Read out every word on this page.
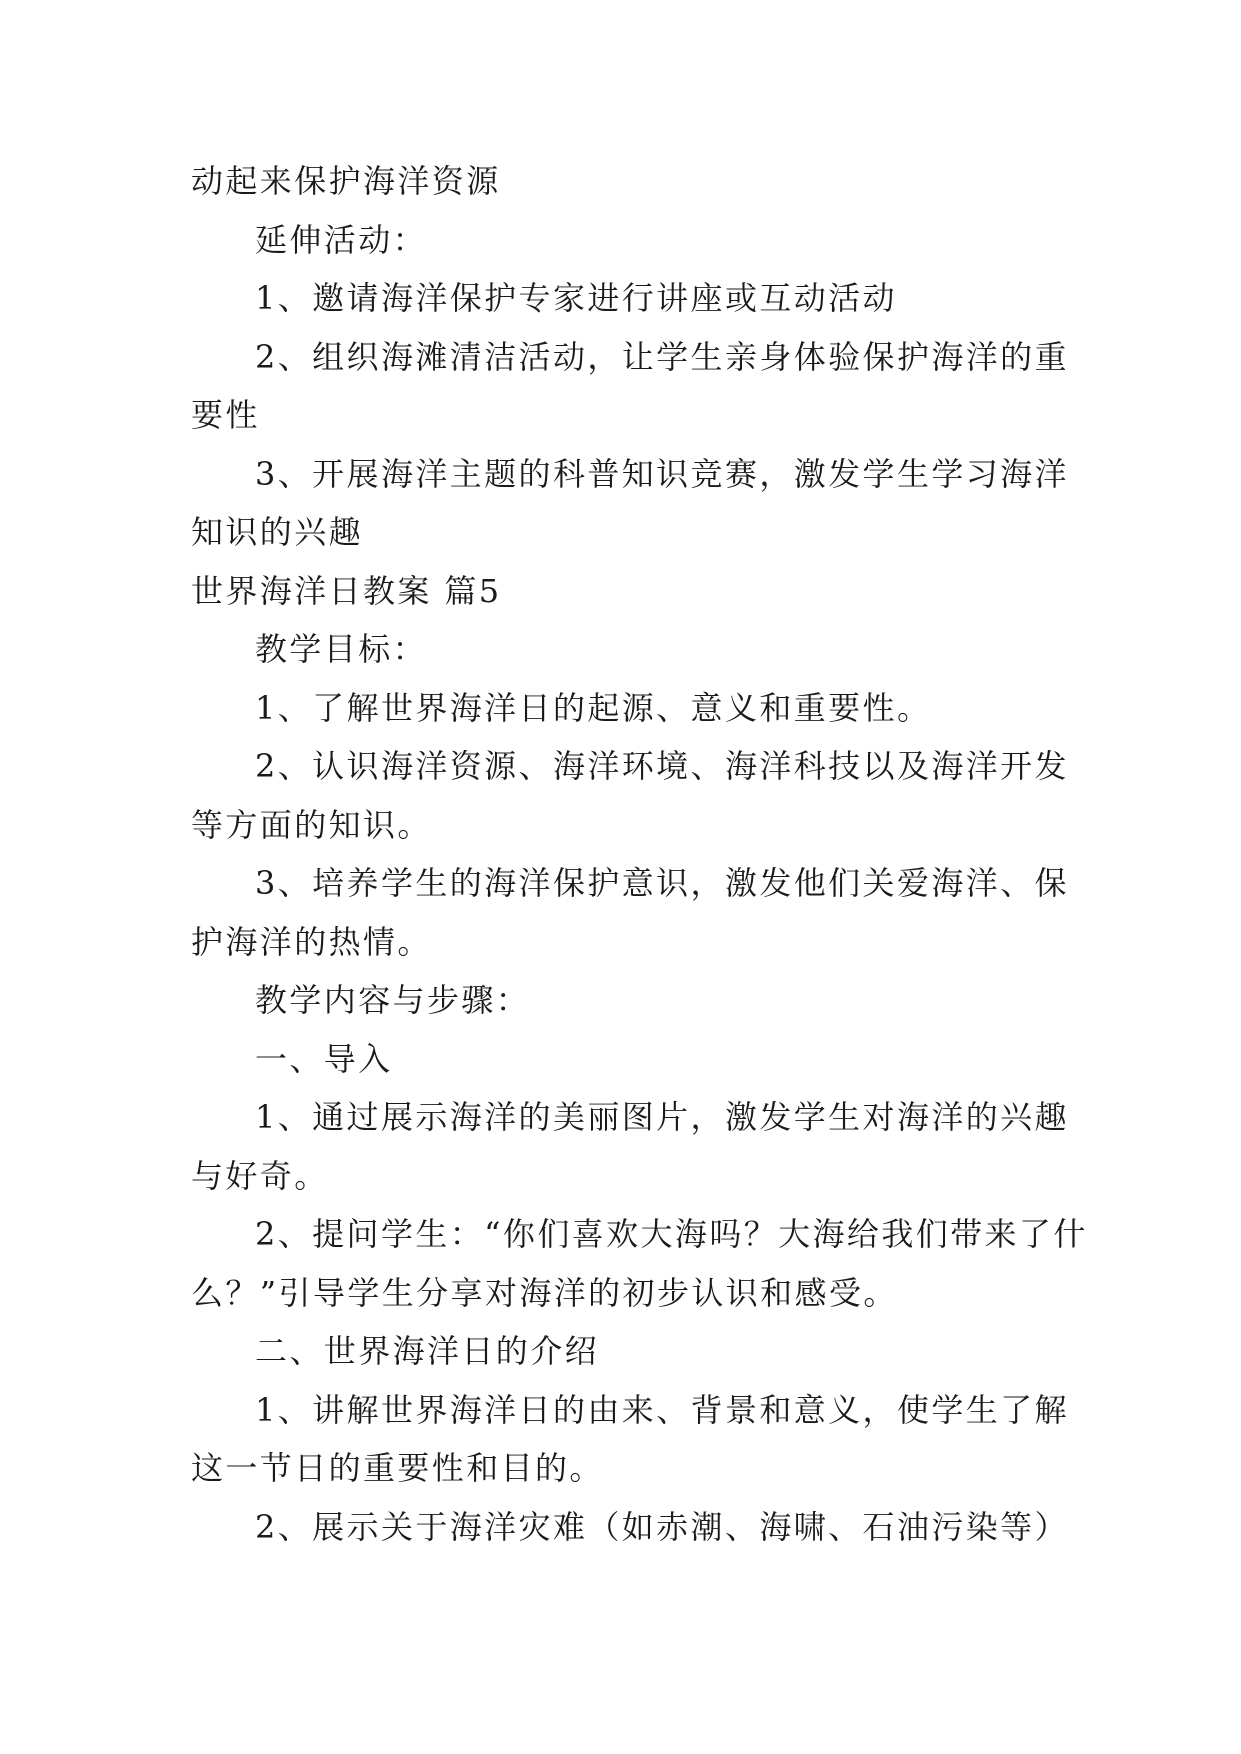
动起来保护海洋资源
延伸活动：
1、邀请海洋保护专家进行讲座或互动活动
2、组织海滩清洁活动，让学生亲身体验保护海洋的重
要性
3、开展海洋主题的科普知识竞赛，激发学生学习海洋
知识的兴趣
世界海洋日教案 篇5
教学目标：
1、了解世界海洋日的起源、意义和重要性。
2、认识海洋资源、海洋环境、海洋科技以及海洋开发
等方面的知识。
3、培养学生的海洋保护意识，激发他们关爱海洋、保
护海洋的热情。
教学内容与步骤：
一、导入
1、通过展示海洋的美丽图片，激发学生对海洋的兴趣
与好奇。
2、提问学生：“你们喜欢大海吗？大海给我们带来了什
么？”引导学生分享对海洋的初步认识和感受。
二、世界海洋日的介绍
1、讲解世界海洋日的由来、背景和意义，使学生了解
这一节日的重要性和目的。
2、展示关于海洋灾难（如赤潮、海啸、石油污染等）
